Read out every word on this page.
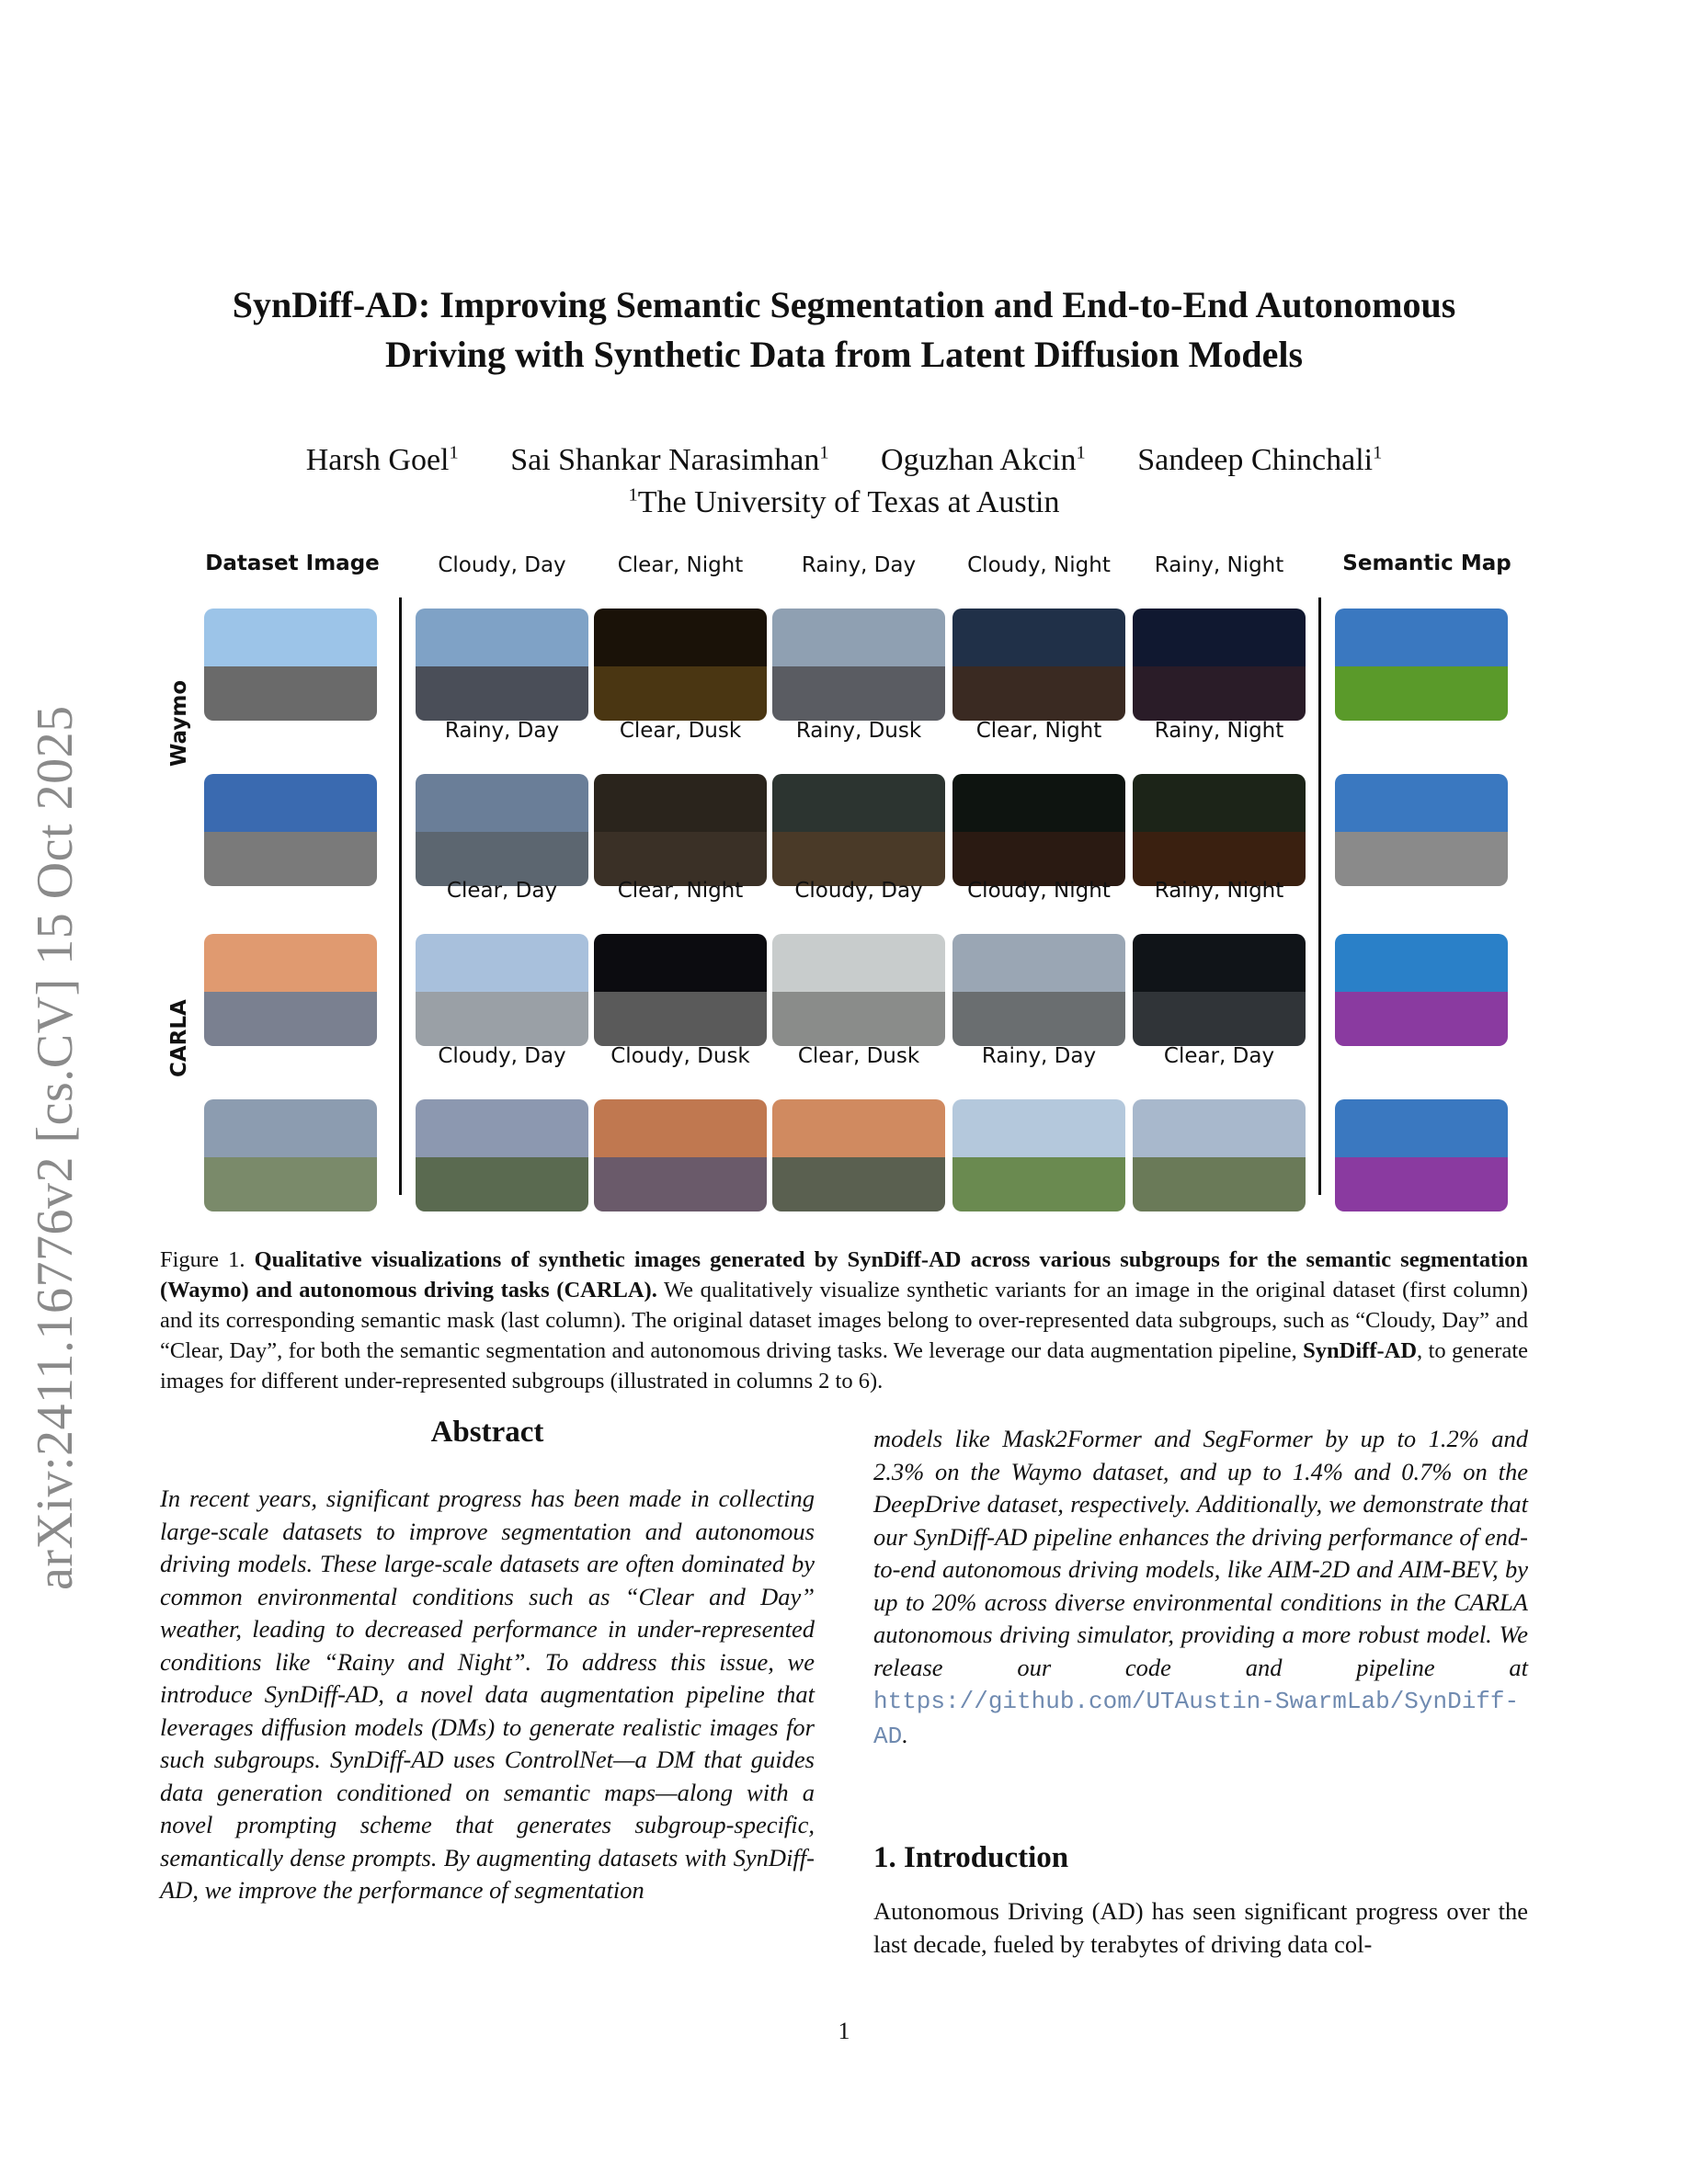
arXiv:2411.16776v2 [cs.CV] 15 Oct 2025
SynDiff-AD: Improving Semantic Segmentation and End-to-End Autonomous
Driving with Synthetic Data from Latent Diffusion Models
Harsh Goel$^1$ Sai Shankar Narasimhan$^1$ Oguzhan Akcin$^1$ Sandeep Chinchali$^1$
$^1$The University of Texas at Austin
Dataset Image	Semantic Map
Waymo
CARLA
Cloudy, Day	Clear, Night	Rainy, Day	Cloudy, Night	Rainy, Night
Rainy, Day	Clear, Dusk	Rainy, Dusk	Clear, Night	Rainy, Night
Clear, Day	Clear, Night	Cloudy, Day	Cloudy, Night	Rainy, Night
Cloudy, Day	Cloudy, Dusk	Clear, Dusk	Rainy, Day	Clear, Day
Figure 1. Qualitative visualizations of synthetic images generated by SynDiff-AD across various subgroups for the semantic segmentation (Waymo) and autonomous driving tasks (CARLA). We qualitatively visualize synthetic variants for an image in the original dataset (first column) and its corresponding semantic mask (last column). The original dataset images belong to over-represented data subgroups, such as “Cloudy, Day” and “Clear, Day”, for both the semantic segmentation and autonomous driving tasks. We leverage our data augmentation pipeline, SynDiff-AD, to generate images for different under-represented subgroups (illustrated in columns 2 to 6).
Abstract

In recent years, significant progress has been made in collecting large-scale datasets to improve segmentation and autonomous driving models. These large-scale datasets are often dominated by common environmental conditions such as “Clear and Day” weather, leading to decreased performance in under-represented conditions like “Rainy and Night”. To address this issue, we introduce SynDiff-AD, a novel data augmentation pipeline that leverages diffusion models (DMs) to generate realistic images for such subgroups. SynDiff-AD uses ControlNet—a DM that guides data generation conditioned on semantic maps—along with a novel prompting scheme that generates subgroup-specific, semantically dense prompts. By augmenting datasets with SynDiff-AD, we improve the performance of segmentation

models like Mask2Former and SegFormer by up to 1.2% and 2.3% on the Waymo dataset, and up to 1.4% and 0.7% on the DeepDrive dataset, respectively. Additionally, we demonstrate that our SynDiff-AD pipeline enhances the driving performance of end-to-end autonomous driving models, like AIM-2D and AIM-BEV, by up to 20% across diverse environmental conditions in the CARLA autonomous driving simulator, providing a more robust model. We release our code and pipeline at https://github.com/UTAustin-SwarmLab/SynDiff-AD.

1. Introduction

Autonomous Driving (AD) has seen significant progress over the last decade, fueled by terabytes of driving data col-

1
